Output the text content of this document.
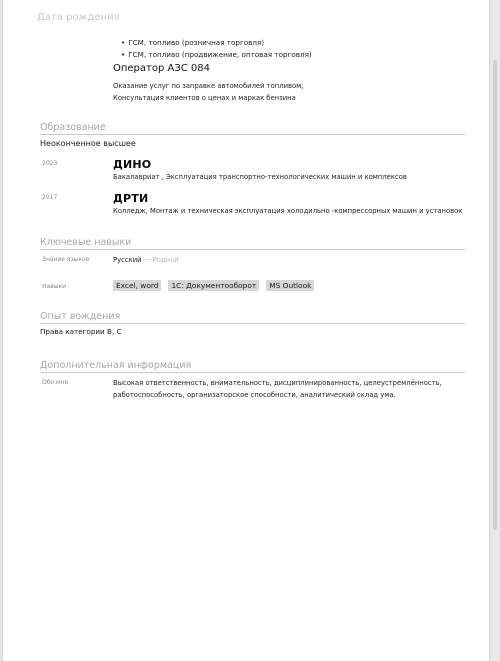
Дата рождения
• ГСМ, топливо (розничная торговля)
• ГСМ, топливо (продвижение, оптовая торговля)
Оператор АЗС 084
Оказание услуг по заправке автомобилей топливом,
Консультация клиентов о ценах и марках бензина
Образование
Неоконченное высшее
2023	ДИНО
Бакалавриат , Эксплуатация транспортно-технологических машин и комплексов
2017	ДРТИ
Колледж, Монтаж и техническая эксплуатация холодильно -компрессорных машин и установок
Ключевые навыки
Знание языков	Русский — Родной
Навыки	Excel, word	1С: Документооборот	MS Outlook
Опыт вождения
Права категории B, C
Дополнительная информация
Обо мне	Высокая ответственность, внимательность, дисциплинированность, целеустремлённость,
работоспособность, организаторское способности, аналитический склад ума.
